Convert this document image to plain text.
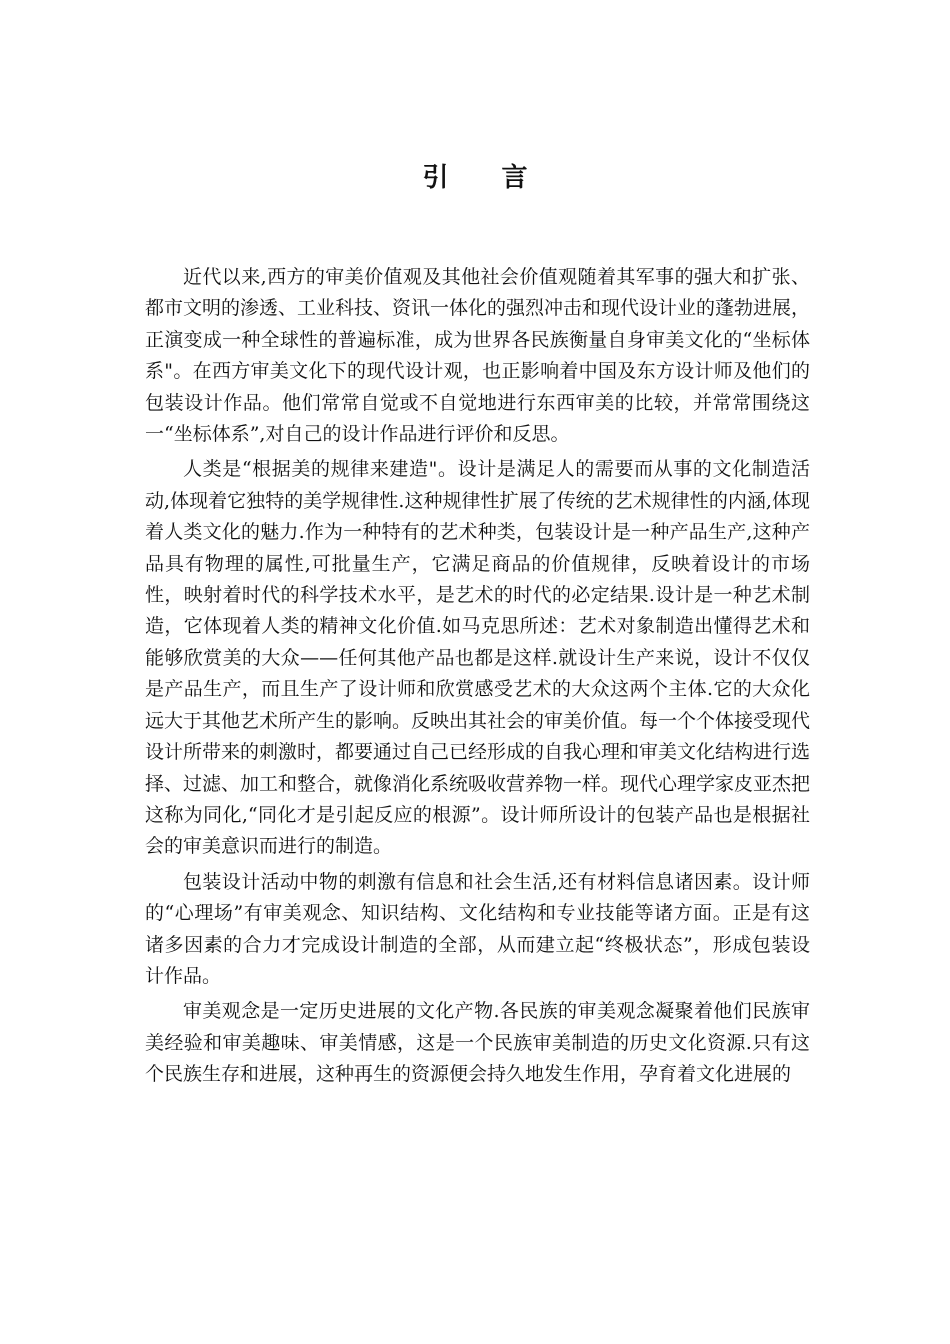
引 言

近代以来,西方的审美价值观及其他社会价值观随着其军事的强大和扩张、都市文明的渗透、工业科技、资讯一体化的强烈冲击和现代设计业的蓬勃进展，正演变成一种全球性的普遍标准，成为世界各民族衡量自身审美文化的“坐标体系"。在西方审美文化下的现代设计观，也正影响着中国及东方设计师及他们的包装设计作品。他们常常自觉或不自觉地进行东西审美的比较，并常常围绕这一“坐标体系”,对自己的设计作品进行评价和反思。

人类是“根据美的规律来建造"。设计是满足人的需要而从事的文化制造活动,体现着它独特的美学规律性.这种规律性扩展了传统的艺术规律性的内涵,体现着人类文化的魅力.作为一种特有的艺术种类，包装设计是一种产品生产,这种产品具有物理的属性,可批量生产，它满足商品的价值规律，反映着设计的市场性，映射着时代的科学技术水平，是艺术的时代的必定结果.设计是一种艺术制造，它体现着人类的精神文化价值.如马克思所述：艺术对象制造出懂得艺术和能够欣赏美的大众——任何其他产品也都是这样.就设计生产来说，设计不仅仅是产品生产，而且生产了设计师和欣赏感受艺术的大众这两个主体.它的大众化远大于其他艺术所产生的影响。反映出其社会的审美价值。每一个个体接受现代设计所带来的刺激时，都要通过自己已经形成的自我心理和审美文化结构进行选择、过滤、加工和整合，就像消化系统吸收营养物一样。现代心理学家皮亚杰把这称为同化,“同化才是引起反应的根源”。设计师所设计的包装产品也是根据社会的审美意识而进行的制造。

包装设计活动中物的刺激有信息和社会生活,还有材料信息诸因素。设计师的“心理场”有审美观念、知识结构、文化结构和专业技能等诸方面。正是有这诸多因素的合力才完成设计制造的全部，从而建立起“终极状态”，形成包装设计作品。

审美观念是一定历史进展的文化产物.各民族的审美观念凝聚着他们民族审美经验和审美趣味、审美情感，这是一个民族审美制造的历史文化资源.只有这个民族生存和进展，这种再生的资源便会持久地发生作用，孕育着文化进展的
